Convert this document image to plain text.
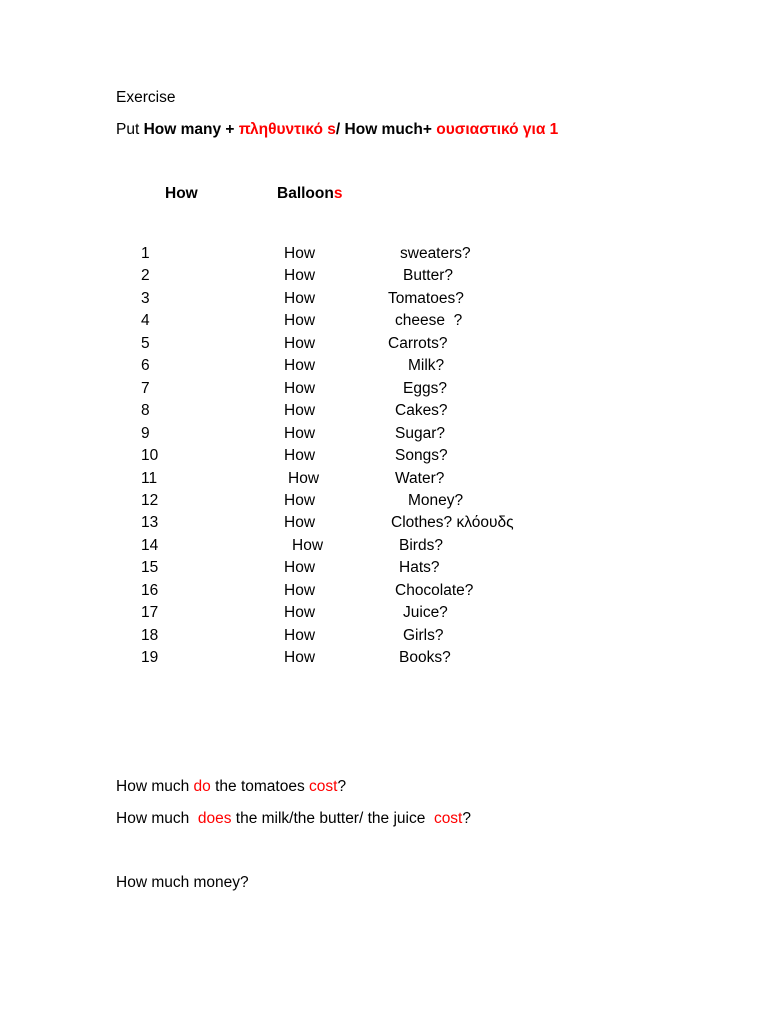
Exercise
Put How many + πληθυντικό s/ How much+ ουσιαστικό για 1
How	Balloons
1	How	sweaters?
2	How	Butter?
3	How	Tomatoes?
4	How	cheese  ?
5	How	Carrots?
6	How	Milk?
7	How	Eggs?
8	How	Cakes?
9	How	Sugar?
10	How	Songs?
11	How	Water?
12	How	Money?
13	How	Clothes? κλόουδς
14	How	Birds?
15	How	Hats?
16	How	Chocolate?
17	How	Juice?
18	How	Girls?
19	How	Books?
How much do the tomatoes cost?
How much  does the milk/the butter/ the juice  cost?
How much money?
